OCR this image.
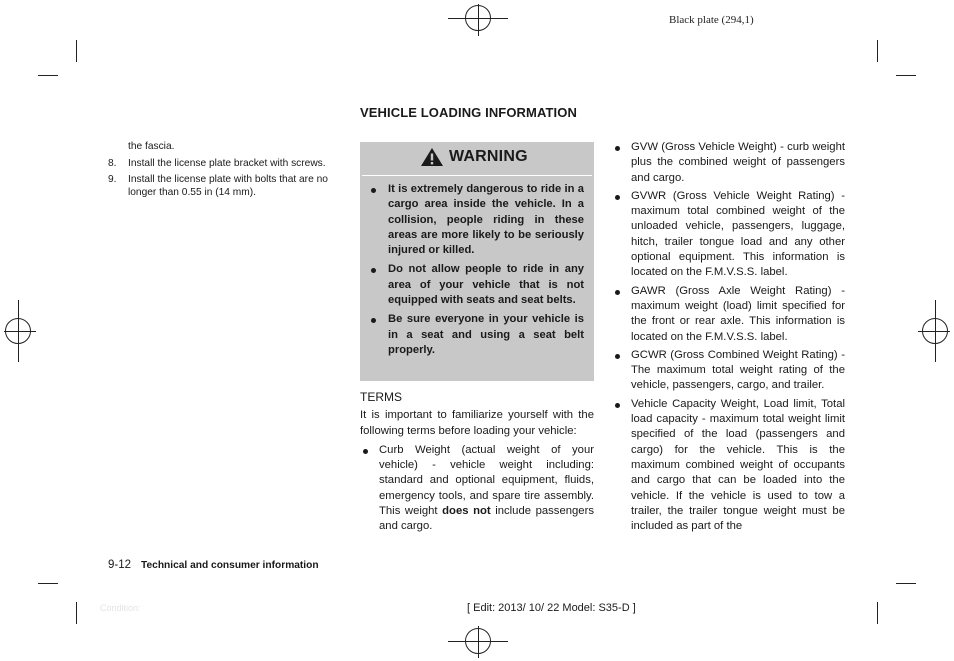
Black plate (294,1)
VEHICLE LOADING INFORMATION

the fascia.

8. Install the license plate bracket with screws.
9. Install the license plate with bolts that are no longer than 0.55 in (14 mm).
WARNING
It is extremely dangerous to ride in a cargo area inside the vehicle. In a collision, people riding in these areas are more likely to be seriously injured or killed.
Do not allow people to ride in any area of your vehicle that is not equipped with seats and seat belts.
Be sure everyone in your vehicle is in a seat and using a seat belt properly.

TERMS

It is important to familiarize yourself with the following terms before loading your vehicle:

Curb Weight (actual weight of your vehicle) - vehicle weight including: standard and optional equipment, fluids, emergency tools, and spare tire assembly. This weight does not include passengers and cargo.
GVW (Gross Vehicle Weight) - curb weight plus the combined weight of passengers and cargo.
GVWR (Gross Vehicle Weight Rating) - maximum total combined weight of the unloaded vehicle, passengers, luggage, hitch, trailer tongue load and any other optional equipment. This information is located on the F.M.V.S.S. label.
GAWR (Gross Axle Weight Rating) - maximum weight (load) limit specified for the front or rear axle. This information is located on the F.M.V.S.S. label.
GCWR (Gross Combined Weight Rating) - The maximum total weight rating of the vehicle, passengers, cargo, and trailer.
Vehicle Capacity Weight, Load limit, Total load capacity - maximum total weight limit specified of the load (passengers and cargo) for the vehicle. This is the maximum combined weight of occupants and cargo that can be loaded into the vehicle. If the vehicle is used to tow a trailer, the trailer tongue weight must be included as part of the
9-12 Technical and consumer information
Condition:	[ Edit: 2013/ 10/ 22 Model: S35-D ]
